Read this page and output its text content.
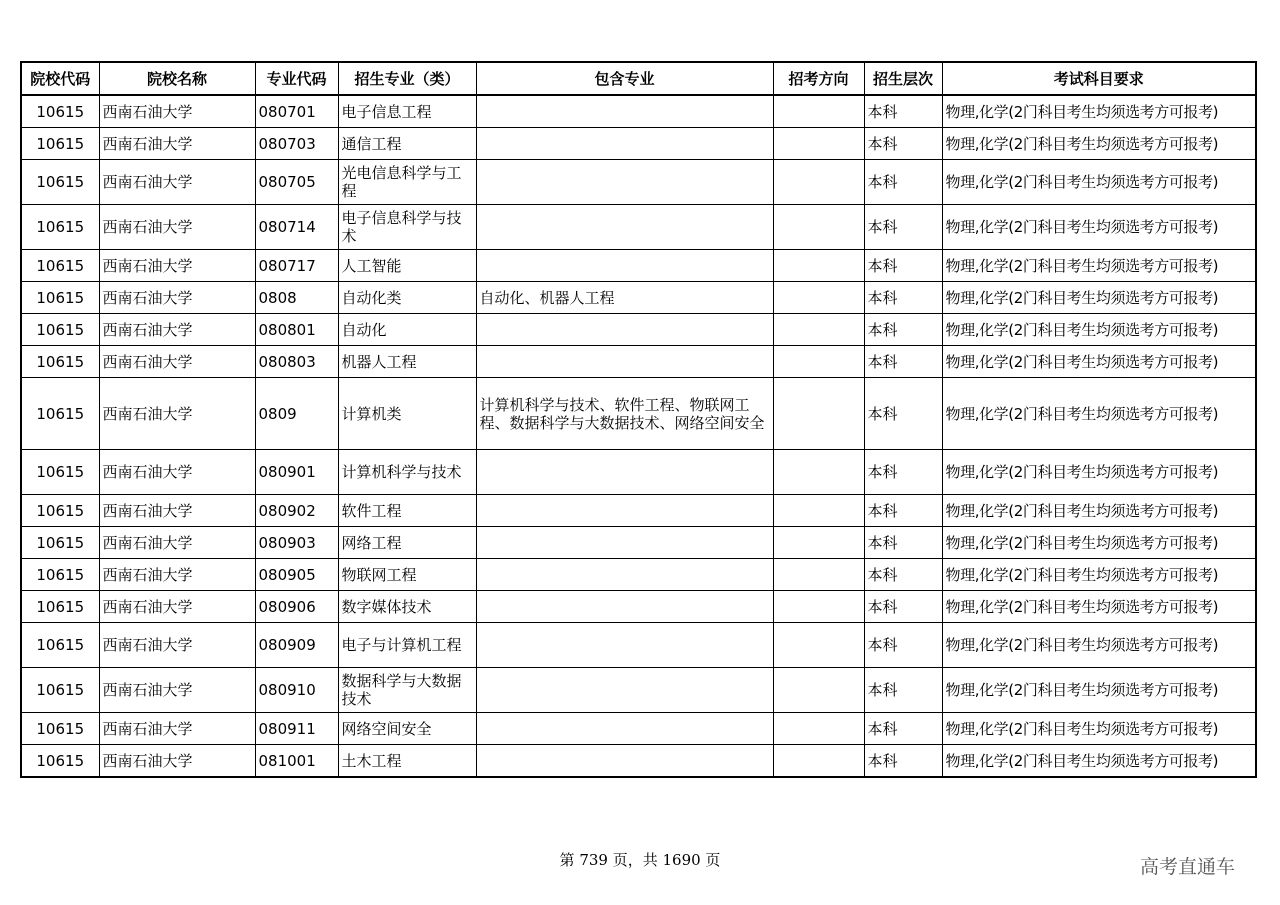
院校代码	院校名称	专业代码	招生专业（类）	包含专业	招考方向	招生层次	考试科目要求
10615	西南石油大学	080701	电子信息工程			本科	物理,化学(2门科目考生均须选考方可报考)
10615	西南石油大学	080703	通信工程			本科	物理,化学(2门科目考生均须选考方可报考)
10615	西南石油大学	080705	光电信息科学与工程			本科	物理,化学(2门科目考生均须选考方可报考)
10615	西南石油大学	080714	电子信息科学与技术			本科	物理,化学(2门科目考生均须选考方可报考)
10615	西南石油大学	080717	人工智能			本科	物理,化学(2门科目考生均须选考方可报考)
10615	西南石油大学	0808	自动化类	自动化、机器人工程		本科	物理,化学(2门科目考生均须选考方可报考)
10615	西南石油大学	080801	自动化			本科	物理,化学(2门科目考生均须选考方可报考)
10615	西南石油大学	080803	机器人工程			本科	物理,化学(2门科目考生均须选考方可报考)
10615	西南石油大学	0809	计算机类	计算机科学与技术、软件工程、物联网工程、数据科学与大数据技术、网络空间安全		本科	物理,化学(2门科目考生均须选考方可报考)
10615	西南石油大学	080901	计算机科学与技术			本科	物理,化学(2门科目考生均须选考方可报考)
10615	西南石油大学	080902	软件工程			本科	物理,化学(2门科目考生均须选考方可报考)
10615	西南石油大学	080903	网络工程			本科	物理,化学(2门科目考生均须选考方可报考)
10615	西南石油大学	080905	物联网工程			本科	物理,化学(2门科目考生均须选考方可报考)
10615	西南石油大学	080906	数字媒体技术			本科	物理,化学(2门科目考生均须选考方可报考)
10615	西南石油大学	080909	电子与计算机工程			本科	物理,化学(2门科目考生均须选考方可报考)
10615	西南石油大学	080910	数据科学与大数据技术			本科	物理,化学(2门科目考生均须选考方可报考)
10615	西南石油大学	080911	网络空间安全			本科	物理,化学(2门科目考生均须选考方可报考)
10615	西南石油大学	081001	土木工程			本科	物理,化学(2门科目考生均须选考方可报考)
第 739 页，共 1690 页	高考直通车
